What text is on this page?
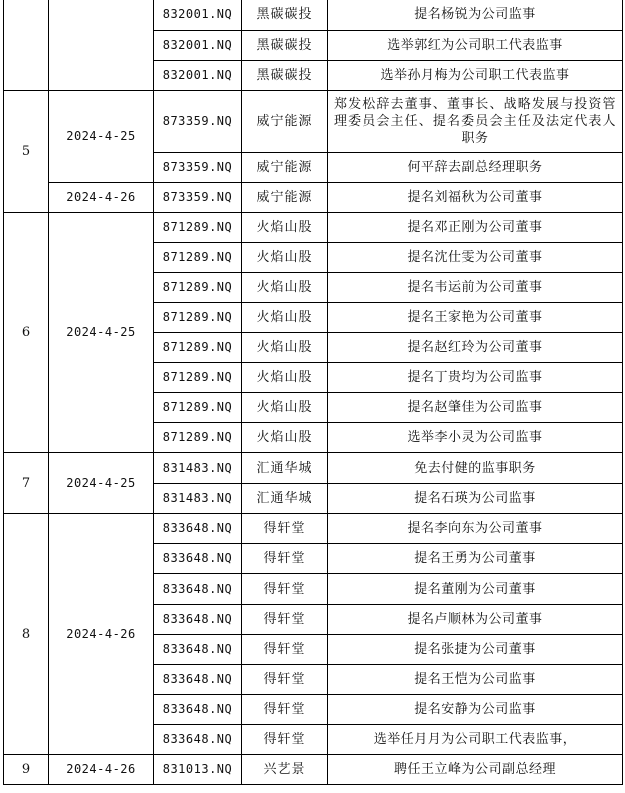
		832001.NQ	黑碳碳投	提名杨锐为公司监事
		832001.NQ	黑碳碳投	选举郭红为公司职工代表监事
		832001.NQ	黑碳碳投	选举孙月梅为公司职工代表监事
5	2024-4-25	873359.NQ	威宁能源	郑发松辞去董事、董事长、战略发展与投资管理委员会主任、提名委员会主任及法定代表人职务
		873359.NQ	威宁能源	何平辞去副总经理职务
	2024-4-26	873359.NQ	威宁能源	提名刘福秋为公司董事
6	2024-4-25	871289.NQ	火焰山股	提名邓正刚为公司董事
		871289.NQ	火焰山股	提名沈仕雯为公司董事
		871289.NQ	火焰山股	提名韦运前为公司董事
		871289.NQ	火焰山股	提名王家艳为公司董事
		871289.NQ	火焰山股	提名赵红玲为公司董事
		871289.NQ	火焰山股	提名丁贵均为公司监事
		871289.NQ	火焰山股	提名赵肇佳为公司监事
		871289.NQ	火焰山股	选举李小灵为公司监事
7	2024-4-25	831483.NQ	汇通华城	免去付健的监事职务
		831483.NQ	汇通华城	提名石瑛为公司监事
8	2024-4-26	833648.NQ	得轩堂	提名李向东为公司董事
		833648.NQ	得轩堂	提名王勇为公司董事
		833648.NQ	得轩堂	提名董刚为公司董事
		833648.NQ	得轩堂	提名卢顺林为公司董事
		833648.NQ	得轩堂	提名张捷为公司董事
		833648.NQ	得轩堂	提名王恺为公司监事
		833648.NQ	得轩堂	提名安静为公司监事
		833648.NQ	得轩堂	选举任月月为公司职工代表监事，
9	2024-4-26	831013.NQ	兴艺景	聘任王立峰为公司副总经理
